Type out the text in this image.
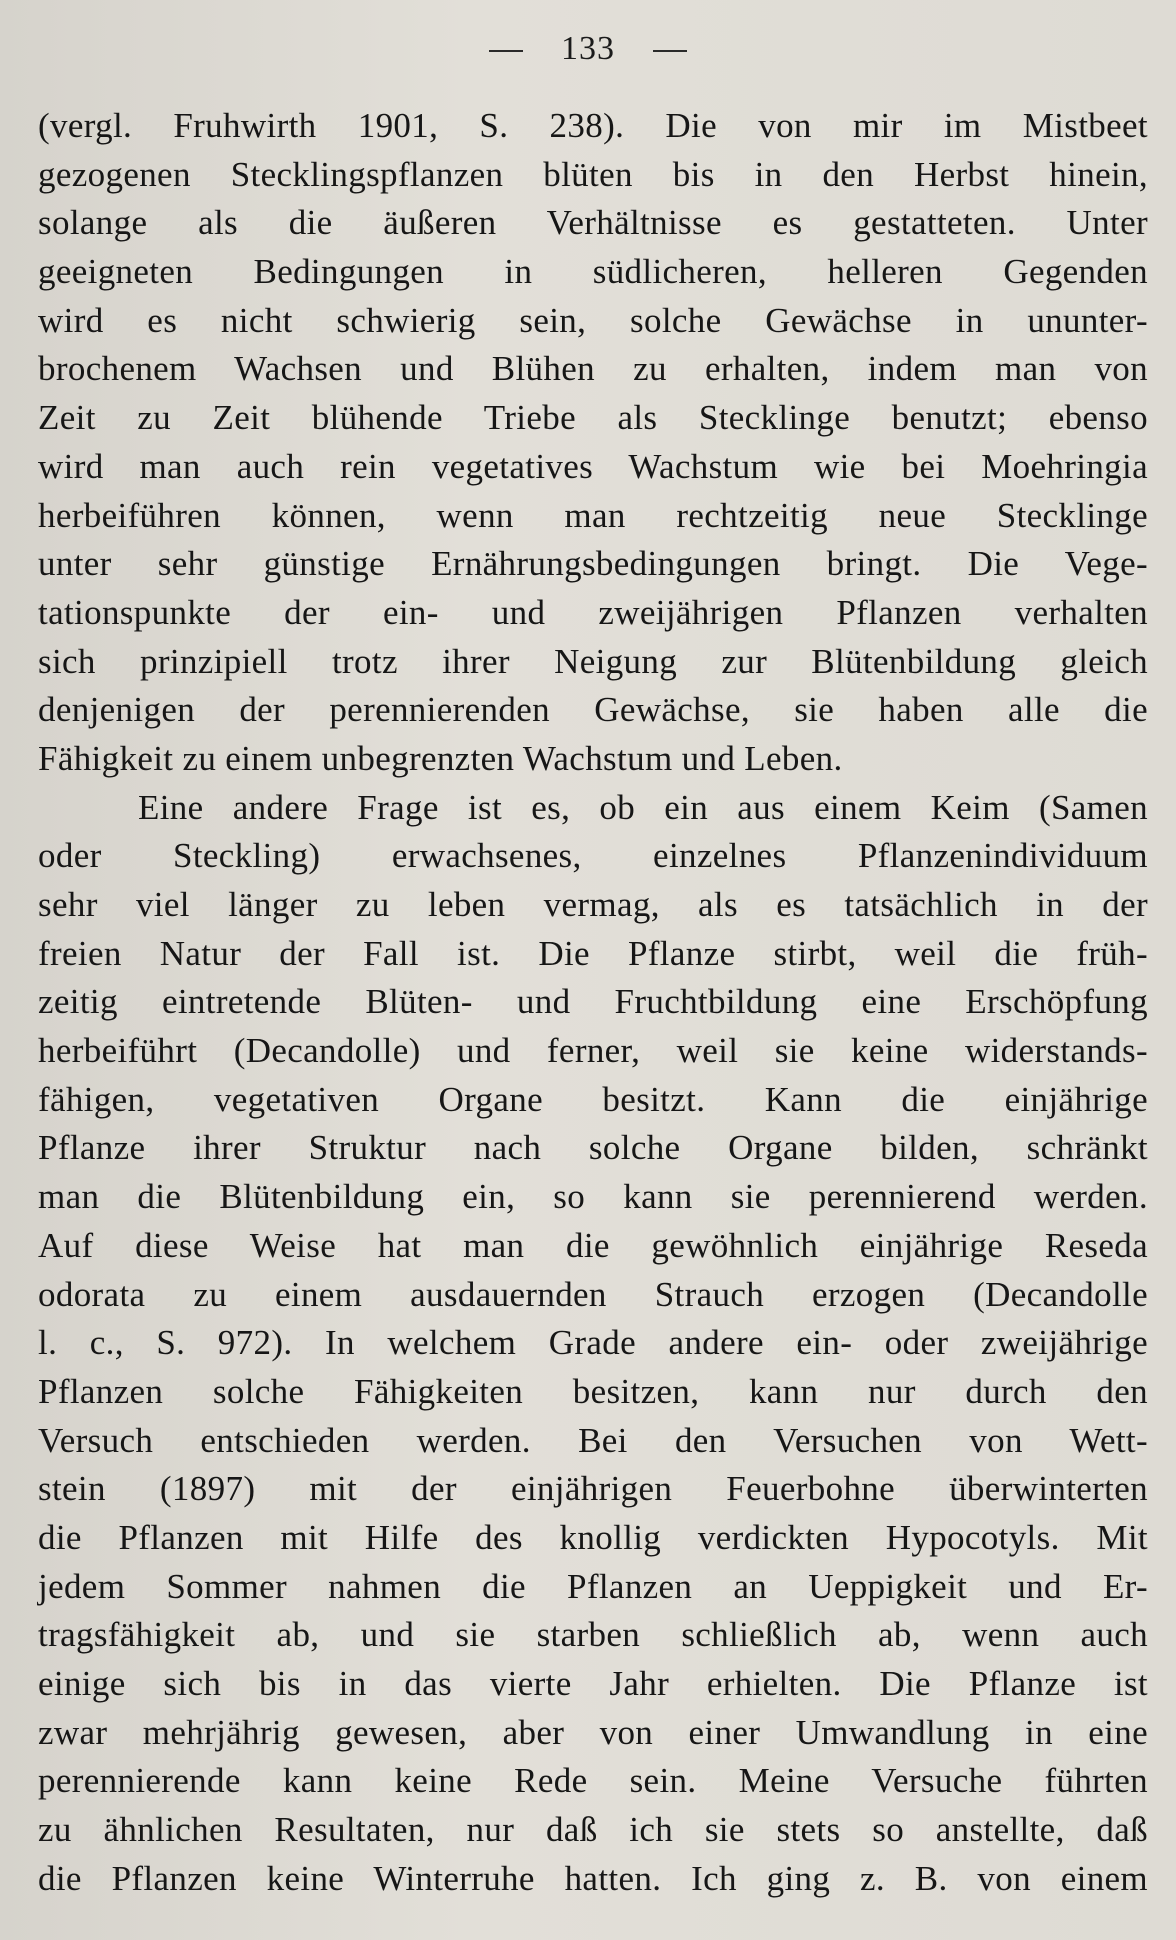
133
(vergl. Fruhwirth 1901, S. 238). Die von mir im Mistbeet
gezogenen Stecklingspflanzen blüten bis in den Herbst hinein,
solange als die äußeren Verhältnisse es gestatteten. Unter
geeigneten Bedingungen in südlicheren, helleren Gegenden
wird es nicht schwierig sein, solche Gewächse in ununter-
brochenem Wachsen und Blühen zu erhalten, indem man von
Zeit zu Zeit blühende Triebe als Stecklinge benutzt; ebenso
wird man auch rein vegetatives Wachstum wie bei Moehringia
herbeiführen können, wenn man rechtzeitig neue Stecklinge
unter sehr günstige Ernährungsbedingungen bringt. Die Vege-
tationspunkte der ein- und zweijährigen Pflanzen verhalten
sich prinzipiell trotz ihrer Neigung zur Blütenbildung gleich
denjenigen der perennierenden Gewächse, sie haben alle die
Fähigkeit zu einem unbegrenzten Wachstum und Leben.
Eine andere Frage ist es, ob ein aus einem Keim (Samen
oder Steckling) erwachsenes, einzelnes Pflanzenindividuum
sehr viel länger zu leben vermag, als es tatsächlich in der
freien Natur der Fall ist. Die Pflanze stirbt, weil die früh-
zeitig eintretende Blüten- und Fruchtbildung eine Erschöpfung
herbeiführt (Decandolle) und ferner, weil sie keine widerstands-
fähigen, vegetativen Organe besitzt. Kann die einjährige
Pflanze ihrer Struktur nach solche Organe bilden, schränkt
man die Blütenbildung ein, so kann sie perennierend werden.
Auf diese Weise hat man die gewöhnlich einjährige Reseda
odorata zu einem ausdauernden Strauch erzogen (Decandolle
l. c., S. 972). In welchem Grade andere ein- oder zweijährige
Pflanzen solche Fähigkeiten besitzen, kann nur durch den
Versuch entschieden werden. Bei den Versuchen von Wett-
stein (1897) mit der einjährigen Feuerbohne überwinterten
die Pflanzen mit Hilfe des knollig verdickten Hypocotyls. Mit
jedem Sommer nahmen die Pflanzen an Ueppigkeit und Er-
tragsfähigkeit ab, und sie starben schließlich ab, wenn auch
einige sich bis in das vierte Jahr erhielten. Die Pflanze ist
zwar mehrjährig gewesen, aber von einer Umwandlung in eine
perennierende kann keine Rede sein. Meine Versuche führten
zu ähnlichen Resultaten, nur daß ich sie stets so anstellte, daß
die Pflanzen keine Winterruhe hatten. Ich ging z. B. von einem
